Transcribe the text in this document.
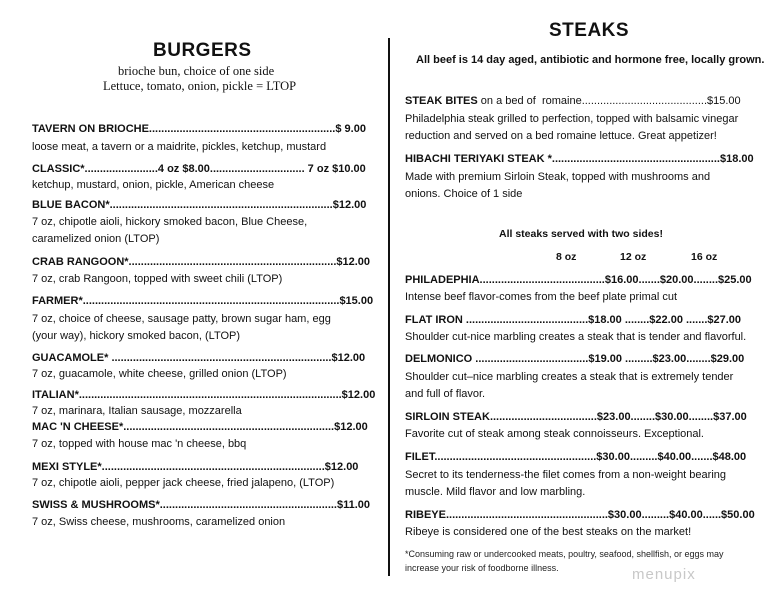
BURGERS
brioche bun, choice of one side
Lettuce, tomato, onion, pickle = LTOP
TAVERN ON BRIOCHE.............................................................$ 9.00
loose meat, a tavern or a maidrite, pickles, ketchup, mustard
CLASSIC*........................4 oz $8.00............................... 7 oz $10.00
ketchup, mustard, onion, pickle, American cheese
BLUE BACON*.........................................................................$12.00
7 oz, chipotle aioli, hickory smoked bacon, Blue Cheese,
caramelized onion (LTOP)
CRAB RANGOON*....................................................................$12.00
7 oz, crab Rangoon, topped with sweet chili (LTOP)
FARMER*....................................................................................$15.00
7 oz, choice of cheese, sausage patty, brown sugar ham, egg
(your way), hickory smoked bacon, (LTOP)
GUACAMOLE* ........................................................................$12.00
7 oz, guacamole, white cheese, grilled onion (LTOP)
ITALIAN*......................................................................................$12.00
7 oz, marinara, Italian sausage, mozzarella
MAC 'N CHEESE*.....................................................................$12.00
7 oz, topped with house mac 'n cheese, bbq
MEXI STYLE*.........................................................................$12.00
7 oz, chipotle aioli, pepper jack cheese, fried jalapeno, (LTOP)
SWISS & MUSHROOMS*..........................................................$11.00
7 oz, Swiss cheese, mushrooms, caramelized onion
STEAKS
All beef is 14 day aged, antibiotic and hormone free, locally grown.
STEAK BITES on a bed of  romaine.........................................$15.00
Philadelphia steak grilled to perfection, topped with balsamic vinegar
reduction and served on a bed romaine lettuce. Great appetizer!
HIBACHI TERIYAKI STEAK *.......................................................$18.00
Made with premium Sirloin Steak, topped with mushrooms and
onions. Choice of 1 side
All steaks served with two sides!
8 oz	12 oz	16 oz
PHILADEPHIA.........................................$16.00.......$20.00........$25.00
Intense beef flavor-comes from the beef plate primal cut
FLAT IRON ........................................$18.00 ........$22.00 .......$27.00
Shoulder cut-nice marbling creates a steak that is tender and flavorful.
DELMONICO .....................................$19.00 .........$23.00........$29.00
Shoulder cut–nice marbling creates a steak that is extremely tender
and full of flavor.
SIRLOIN STEAK...................................$23.00........$30.00........$37.00
Favorite cut of steak among steak connoisseurs. Exceptional.
FILET.....................................................$30.00.........$40.00.......$48.00
Secret to its tenderness-the filet comes from a non-weight bearing
muscle. Mild flavor and low marbling.
RIBEYE.....................................................$30.00.........$40.00......$50.00
Ribeye is considered one of the best steaks on the market!
*Consuming raw or undercooked meats, poultry, seafood, shellfish, or eggs may
increase your risk of foodborne illness.	menupix
